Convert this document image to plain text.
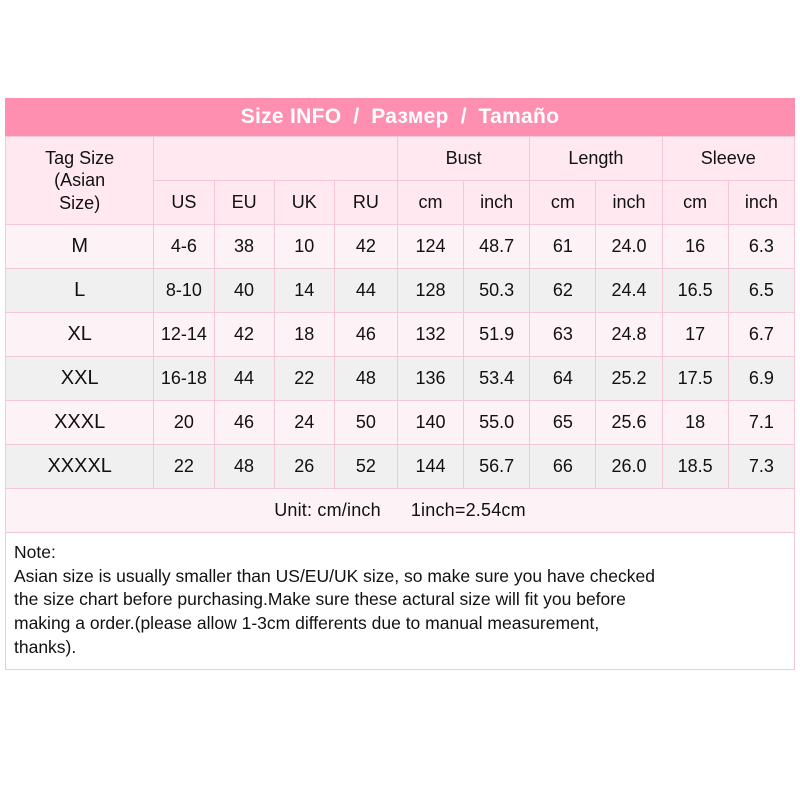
Size INFO / Размер / Tamaño
Tag Size
(Asian
Size)					Bust		Length		Sleeve	
	US	EU	UK	RU	cm	inch	cm	inch	cm	inch
M	4-6	38	10	42	124	48.7	61	24.0	16	6.3
L	8-10	40	14	44	128	50.3	62	24.4	16.5	6.5
XL	12-14	42	18	46	132	51.9	63	24.8	17	6.7
XXL	16-18	44	22	48	136	53.4	64	25.2	17.5	6.9
XXXL	20	46	24	50	140	55.0	65	25.6	18	7.1
XXXXL	22	48	26	52	144	56.7	66	26.0	18.5	7.3

Unit: cm/inch 1inch=2.54cm										

Note:

Asian size is usually smaller than US/EU/UK size, so make sure you have checked

the size chart before purchasing.Make sure these actural size will fit you before

making a order.(please allow 1-3cm differents due to manual measurement,

thanks).
